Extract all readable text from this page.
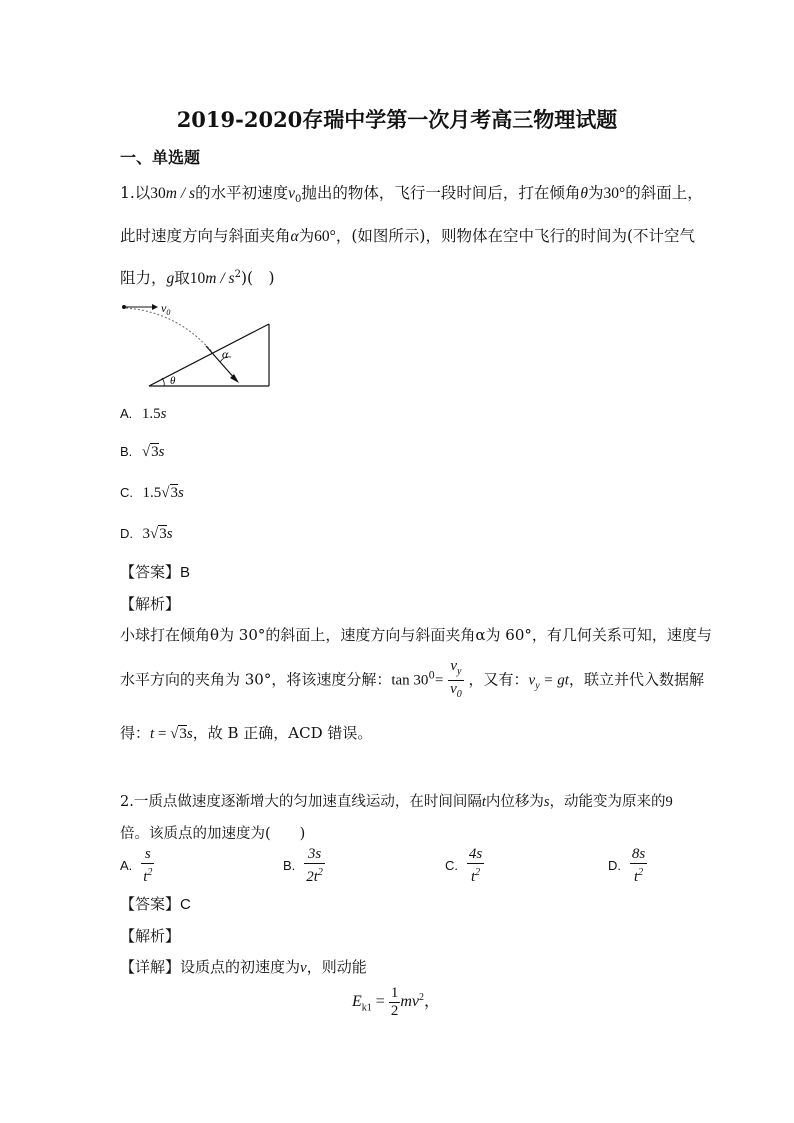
2019-2020存瑞中学第一次月考高三物理试题
一、单选题
1.以30m / s的水平初速度$v_0$抛出的物体，飞行一段时间后，打在倾角θ为30°的斜面上，
此时速度方向与斜面夹角α为60°，(如图所示)，则物体在空中飞行的时间为(不计空气
阻力，g取$10m / s^2$)(　)
$v_0$
α
θ
A. 1.5s
B. √3s
C. 1.5√3s
D. 3√3s
【答案】B
【解析】
小球打在倾角θ为 30°的斜面上，速度方向与斜面夹角α为 60°，有几何关系可知，速度与
水平方向的夹角为 30°，将该速度分解：$\tan 30^0= \frac{v_y}{v_0}$ ，又有：$v_y$ = gt，联立并代入数据解
得：t = √3s，故 B 正确，ACD 错误。
2.一质点做速度逐渐增大的匀加速直线运动，在时间间隔t内位移为s，动能变为原来的9
倍。该质点的加速度为(　　)
A. $\frac{s}{t^2}$	B. $\frac{3s}{2t^2}$	C. $\frac{4s}{t^2}$	D. $\frac{8s}{t^2}$
【答案】C
【解析】
【详解】设质点的初速度为v，则动能
$E_{k1} = \frac{1}{2} mv^2$，
